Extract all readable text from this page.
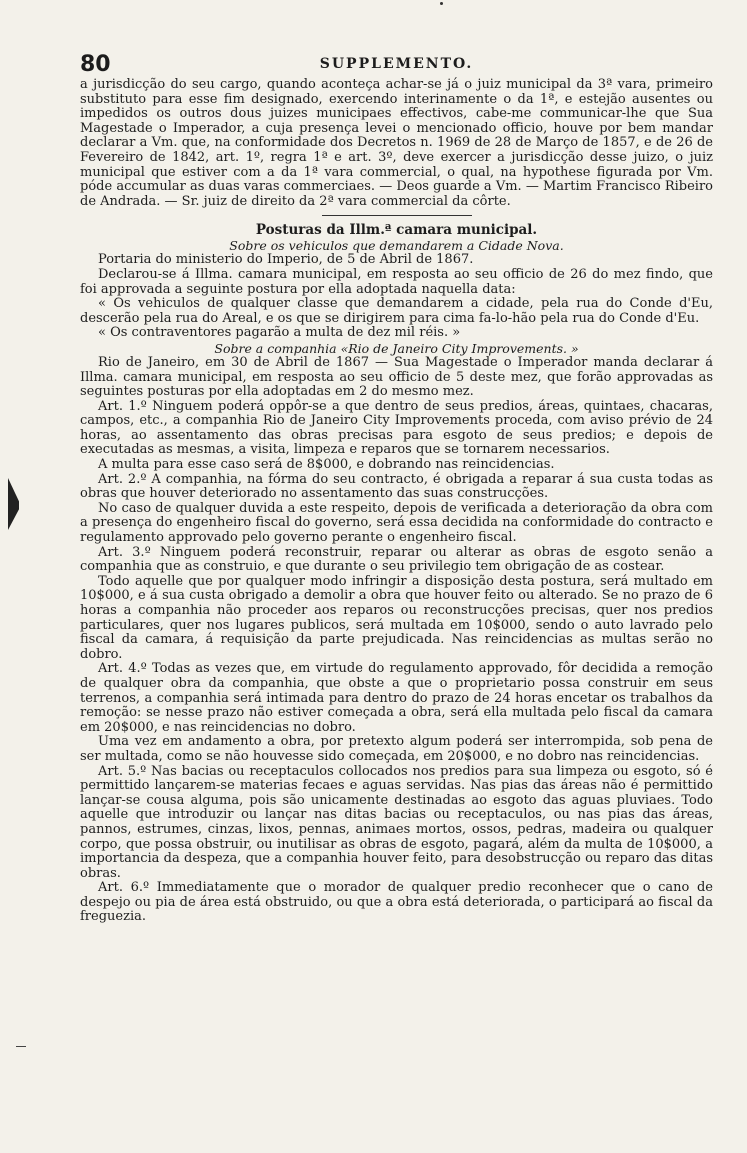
80	SUPPLEMENTO.

a jurisdicção do seu cargo, quando aconteça achar-se já o juiz municipal da 3ª vara, primeiro substituto para esse fim designado, exercendo interinamente o da 1ª, e estejão ausentes ou impedidos os outros dous juizes municipaes effectivos, cabe-me communicar-lhe que Sua Magestade o Imperador, a cuja presença levei o mencionado officio, houve por bem mandar declarar a Vm. que, na conformidade dos Decretos n. 1969 de 28 de Março de 1857, e de 26 de Fevereiro de 1842, art. 1º, regra 1ª e art. 3º, deve exercer a jurisdicção desse juizo, o juiz municipal que estiver com a da 1ª vara commercial, o qual, na hypothese figurada por Vm. póde accumular as duas varas commerciaes. — Deos guarde a Vm. — Martim Francisco Ribeiro de Andrada. — Sr. juiz de direito da 2ª vara commercial da côrte.

Posturas da Illm.ª camara municipal.
Sobre os vehiculos que demandarem a Cidade Nova.

Portaria do ministerio do Imperio, de 5 de Abril de 1867.

Declarou-se á Illma. camara municipal, em resposta ao seu officio de 26 do mez findo, que foi approvada a seguinte postura por ella adoptada naquella data:

« Os vehiculos de qualquer classe que demandarem a cidade, pela rua do Conde d'Eu, descerão pela rua do Areal, e os que se dirigirem para cima fa-lo-hão pela rua do Conde d'Eu.

« Os contraventores pagarão a multa de dez mil réis. »

Sobre a companhia «Rio de Janeiro City Improvements. »

Rio de Janeiro, em 30 de Abril de 1867 — Sua Magestade o Imperador manda declarar á Illma. camara municipal, em resposta ao seu officio de 5 deste mez, que forão approvadas as seguintes posturas por ella adoptadas em 2 do mesmo mez.

Art. 1.º Ninguem poderá oppôr-se a que dentro de seus predios, áreas, quintaes, chacaras, campos, etc., a companhia Rio de Janeiro City Improvements proceda, com aviso prévio de 24 horas, ao assentamento das obras precisas para esgoto de seus predios; e depois de executadas as mesmas, a visita, limpeza e reparos que se tornarem necessarios.

A multa para esse caso será de 8$000, e dobrando nas reincidencias.

Art. 2.º A companhia, na fórma do seu contracto, é obrigada a reparar á sua custa todas as obras que houver deteriorado no assentamento das suas construcções.

No caso de qualquer duvida a este respeito, depois de verificada a deterioração da obra com a presença do engenheiro fiscal do governo, será essa decidida na conformidade do contracto e regulamento approvado pelo governo perante o engenheiro fiscal.

Art. 3.º Ninguem poderá reconstruir, reparar ou alterar as obras de esgoto senão a companhia que as construio, e que durante o seu privilegio tem obrigação de as costear.

Todo aquelle que por qualquer modo infringir a disposição desta postura, será multado em 10$000, e á sua custa obrigado a demolir a obra que houver feito ou alterado. Se no prazo de 6 horas a companhia não proceder aos reparos ou reconstrucções precisas, quer nos predios particulares, quer nos lugares publicos, será multada em 10$000, sendo o auto lavrado pelo fiscal da camara, á requisição da parte prejudicada. Nas reincidencias as multas serão no dobro.

Art. 4.º Todas as vezes que, em virtude do regulamento approvado, fôr decidida a remoção de qualquer obra da companhia, que obste a que o proprietario possa construir em seus terrenos, a companhia será intimada para dentro do prazo de 24 horas encetar os trabalhos da remoção: se nesse prazo não estiver começada a obra, será ella multada pelo fiscal da camara em 20$000, e nas reincidencias no dobro.

Uma vez em andamento a obra, por pretexto algum poderá ser interrompida, sob pena de ser multada, como se não houvesse sido começada, em 20$000, e no dobro nas reincidencias.

Art. 5.º Nas bacias ou receptaculos collocados nos predios para sua limpeza ou esgoto, só é permittido lançarem-se materias fecaes e aguas servidas. Nas pias das áreas não é permittido lançar-se cousa alguma, pois são unicamente destinadas ao esgoto das aguas pluviaes. Todo aquelle que introduzir ou lançar nas ditas bacias ou receptaculos, ou nas pias das áreas, pannos, estrumes, cinzas, lixos, pennas, animaes mortos, ossos, pedras, madeira ou qualquer corpo, que possa obstruir, ou inutilisar as obras de esgoto, pagará, além da multa de 10$000, a importancia da despeza, que a companhia houver feito, para desobstrucção ou reparo das ditas obras.

Art. 6.º Immediatamente que o morador de qualquer predio reconhecer que o cano de despejo ou pia de área está obstruido, ou que a obra está deteriorada, o participará ao fiscal da freguezia.
